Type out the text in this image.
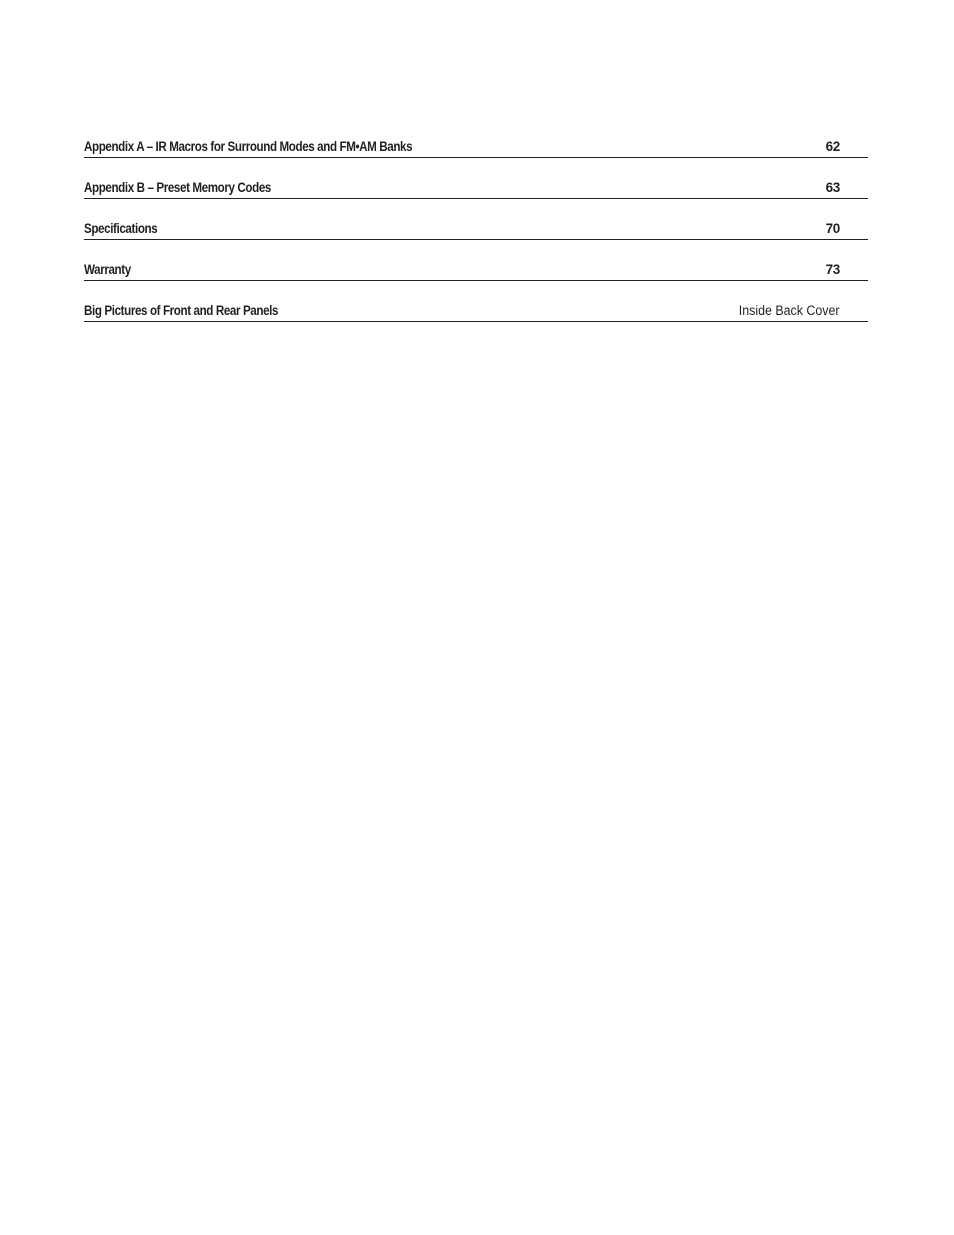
Appendix A – IR Macros for Surround Modes and FM•AM Banks	62
Appendix B – Preset Memory Codes	63
Specifications	70
Warranty	73
Big Pictures of Front and Rear Panels	Inside Back Cover
